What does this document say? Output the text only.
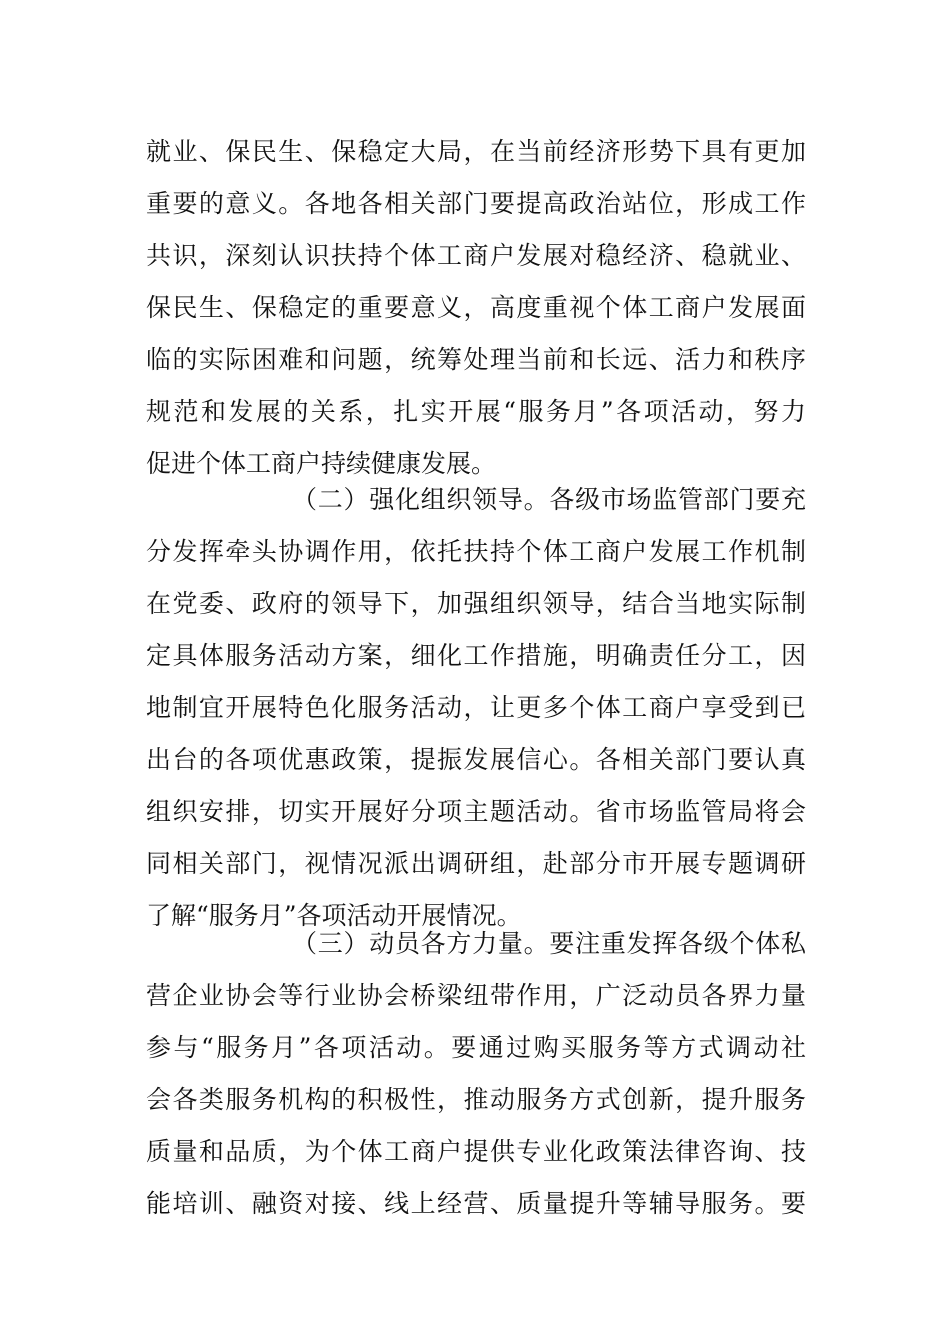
就业、保民生、保稳定大局，在当前经济形势下具有更加
重要的意义。各地各相关部门要提高政治站位，形成工作
共识，深刻认识扶持个体工商户发展对稳经济、稳就业、
保民生、保稳定的重要意义，高度重视个体工商户发展面
临的实际困难和问题，统筹处理当前和长远、活力和秩序
规范和发展的关系，扎实开展“服务月”各项活动，努力
促进个体工商户持续健康发展。
（二）强化组织领导。各级市场监管部门要充
分发挥牵头协调作用，依托扶持个体工商户发展工作机制
在党委、政府的领导下，加强组织领导，结合当地实际制
定具体服务活动方案，细化工作措施，明确责任分工，因
地制宜开展特色化服务活动，让更多个体工商户享受到已
出台的各项优惠政策，提振发展信心。各相关部门要认真
组织安排，切实开展好分项主题活动。省市场监管局将会
同相关部门，视情况派出调研组，赴部分市开展专题调研
了解“服务月”各项活动开展情况。
（三）动员各方力量。要注重发挥各级个体私
营企业协会等行业协会桥梁纽带作用，广泛动员各界力量
参与“服务月”各项活动。要通过购买服务等方式调动社
会各类服务机构的积极性，推动服务方式创新，提升服务
质量和品质，为个体工商户提供专业化政策法律咨询、技
能培训、融资对接、线上经营、质量提升等辅导服务。要
